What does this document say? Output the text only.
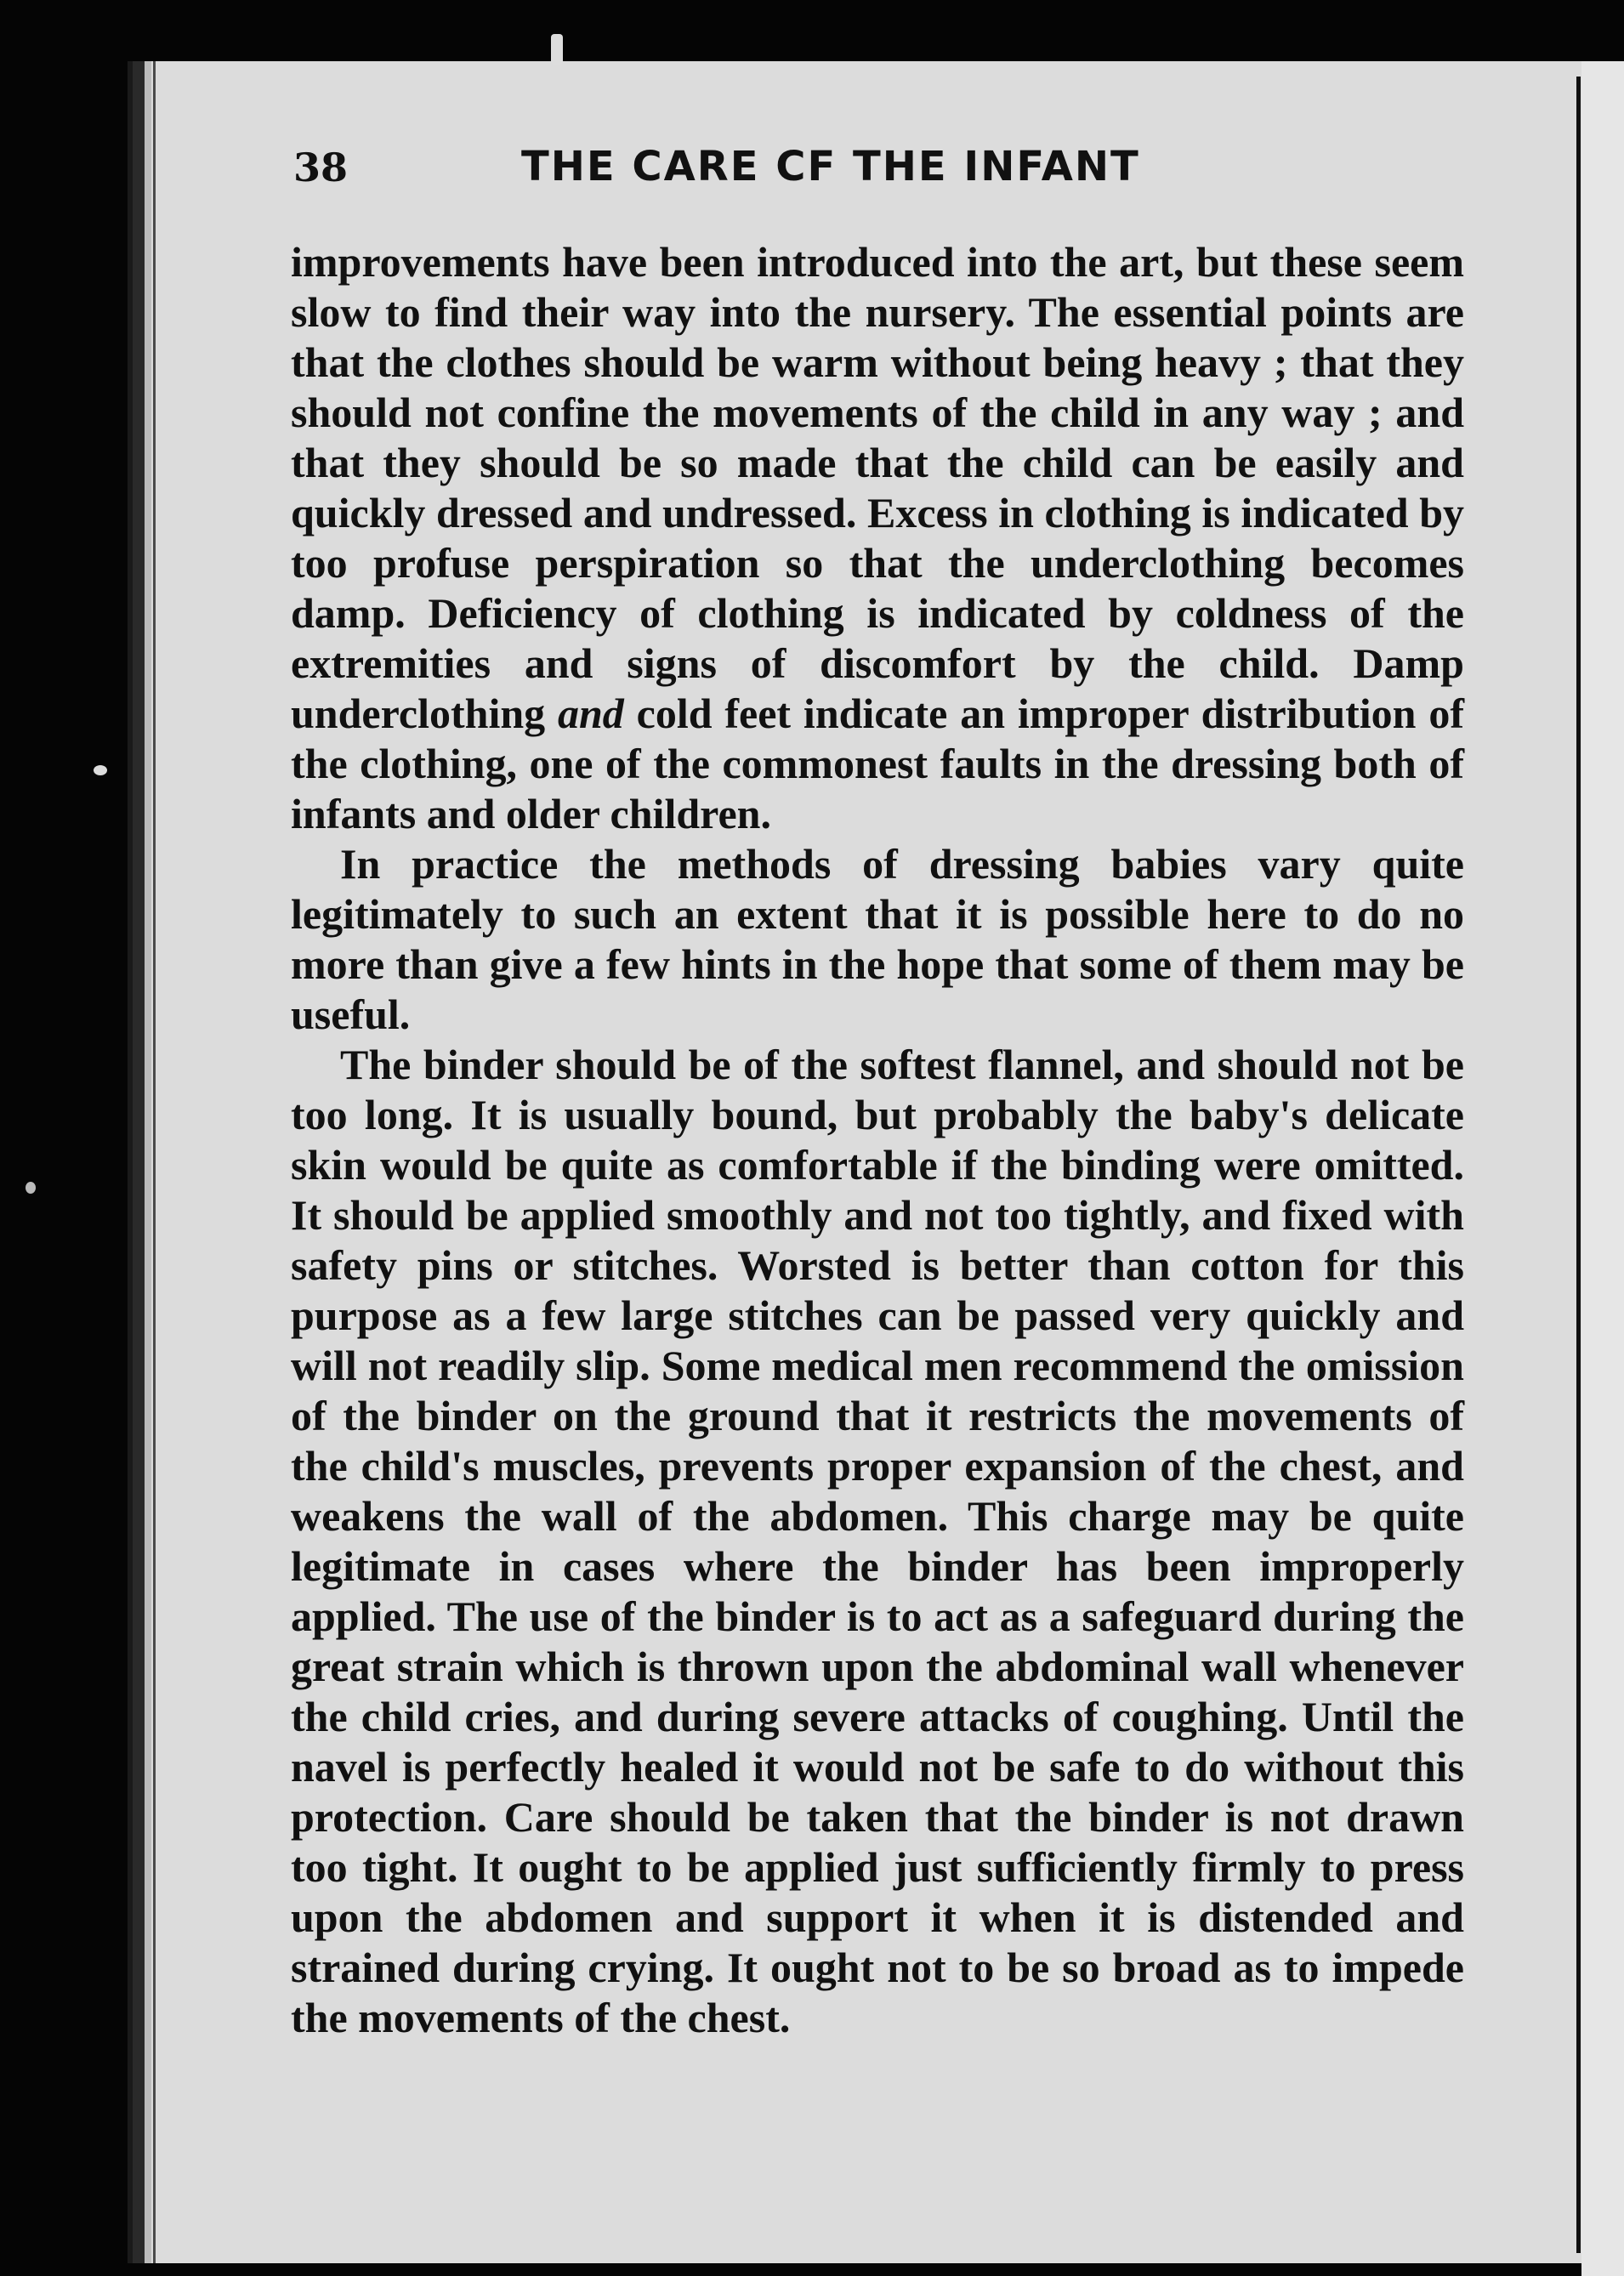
38	THE CARE CF THE INFANT

improvements have been introduced into the art, but these seem slow to find their way into the nursery. The essential points are that the clothes should be warm without being heavy ; that they should not confine the movements of the child in any way ; and that they should be so made that the child can be easily and quickly dressed and undressed. Excess in clothing is indicated by too profuse perspiration so that the underclothing becomes damp. Deficiency of clothing is indicated by coldness of the extremities and signs of discomfort by the child. Damp underclothing and cold feet indicate an improper distribution of the clothing, one of the commonest faults in the dressing both of infants and older children.

In practice the methods of dressing babies vary quite legitimately to such an extent that it is possible here to do no more than give a few hints in the hope that some of them may be useful.

The binder should be of the softest flannel, and should not be too long. It is usually bound, but probably the baby's delicate skin would be quite as comfortable if the binding were omitted. It should be applied smoothly and not too tightly, and fixed with safety pins or stitches. Worsted is better than cotton for this purpose as a few large stitches can be passed very quickly and will not readily slip. Some medical men recommend the omission of the binder on the ground that it restricts the movements of the child's muscles, prevents proper expansion of the chest, and weakens the wall of the abdomen. This charge may be quite legitimate in cases where the binder has been improperly applied. The use of the binder is to act as a safeguard during the great strain which is thrown upon the abdominal wall whenever the child cries, and during severe attacks of coughing. Until the navel is perfectly healed it would not be safe to do without this protection. Care should be taken that the binder is not drawn too tight. It ought to be applied just sufficiently firmly to press upon the abdomen and support it when it is distended and strained during crying. It ought not to be so broad as to impede the movements of the chest.
